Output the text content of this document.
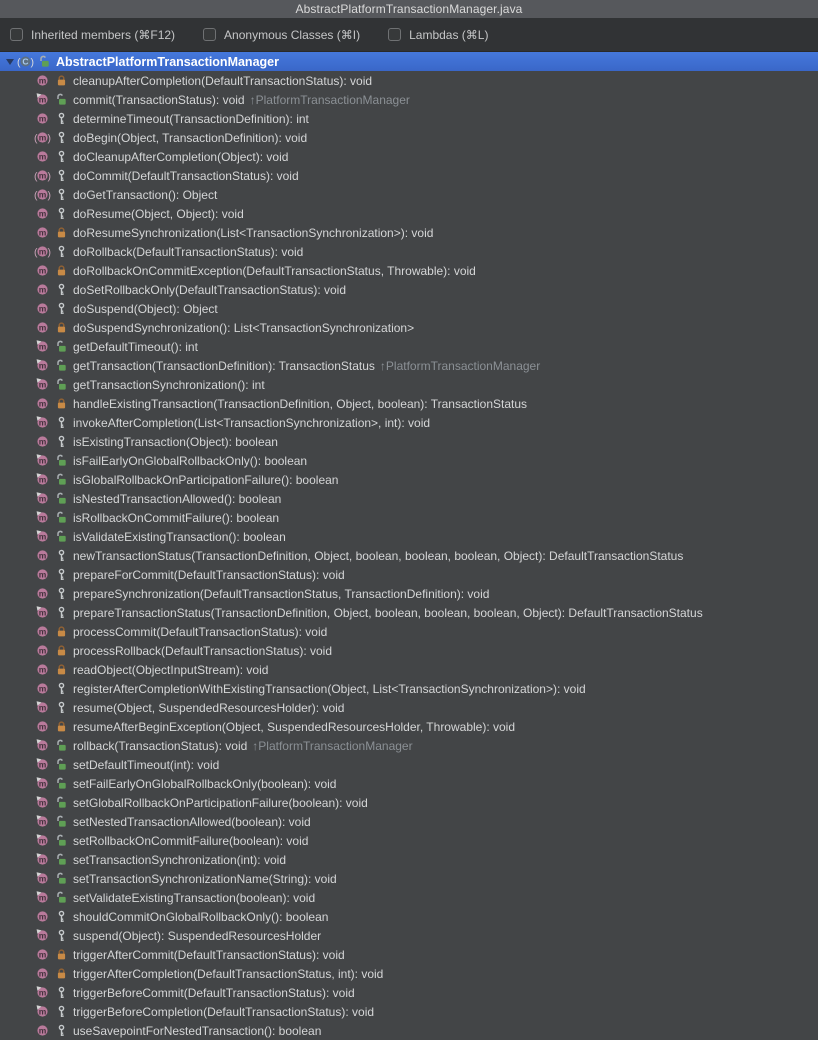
AbstractPlatformTransactionManager.java
Inherited members (⌘F12)	Anonymous Classes (⌘I)	Lambdas (⌘L)
( )
C AbstractPlatformTransactionManager
m cleanupAfterCompletion(DefaultTransactionStatus): void
m commit(TransactionStatus): void ↑PlatformTransactionManager
m determineTimeout(TransactionDefinition): int
( )
m doBegin(Object, TransactionDefinition): void
m doCleanupAfterCompletion(Object): void
( )
m doCommit(DefaultTransactionStatus): void
( )
m doGetTransaction(): Object
m doResume(Object, Object): void
m doResumeSynchronization(List<TransactionSynchronization>): void
( )
m doRollback(DefaultTransactionStatus): void
m doRollbackOnCommitException(DefaultTransactionStatus, Throwable): void
m doSetRollbackOnly(DefaultTransactionStatus): void
m doSuspend(Object): Object
m doSuspendSynchronization(): List<TransactionSynchronization>
m getDefaultTimeout(): int
m getTransaction(TransactionDefinition): TransactionStatus ↑PlatformTransactionManager
m getTransactionSynchronization(): int
m handleExistingTransaction(TransactionDefinition, Object, boolean): TransactionStatus
m invokeAfterCompletion(List<TransactionSynchronization>, int): void
m isExistingTransaction(Object): boolean
m isFailEarlyOnGlobalRollbackOnly(): boolean
m isGlobalRollbackOnParticipationFailure(): boolean
m isNestedTransactionAllowed(): boolean
m isRollbackOnCommitFailure(): boolean
m isValidateExistingTransaction(): boolean
m newTransactionStatus(TransactionDefinition, Object, boolean, boolean, boolean, Object): DefaultTransactionStatus
m prepareForCommit(DefaultTransactionStatus): void
m prepareSynchronization(DefaultTransactionStatus, TransactionDefinition): void
m prepareTransactionStatus(TransactionDefinition, Object, boolean, boolean, boolean, Object): DefaultTransactionStatus
m processCommit(DefaultTransactionStatus): void
m processRollback(DefaultTransactionStatus): void
m readObject(ObjectInputStream): void
m registerAfterCompletionWithExistingTransaction(Object, List<TransactionSynchronization>): void
m resume(Object, SuspendedResourcesHolder): void
m resumeAfterBeginException(Object, SuspendedResourcesHolder, Throwable): void
m rollback(TransactionStatus): void ↑PlatformTransactionManager
m setDefaultTimeout(int): void
m setFailEarlyOnGlobalRollbackOnly(boolean): void
m setGlobalRollbackOnParticipationFailure(boolean): void
m setNestedTransactionAllowed(boolean): void
m setRollbackOnCommitFailure(boolean): void
m setTransactionSynchronization(int): void
m setTransactionSynchronizationName(String): void
m setValidateExistingTransaction(boolean): void
m shouldCommitOnGlobalRollbackOnly(): boolean
m suspend(Object): SuspendedResourcesHolder
m triggerAfterCommit(DefaultTransactionStatus): void
m triggerAfterCompletion(DefaultTransactionStatus, int): void
m triggerBeforeCommit(DefaultTransactionStatus): void
m triggerBeforeCompletion(DefaultTransactionStatus): void
m useSavepointForNestedTransaction(): boolean
